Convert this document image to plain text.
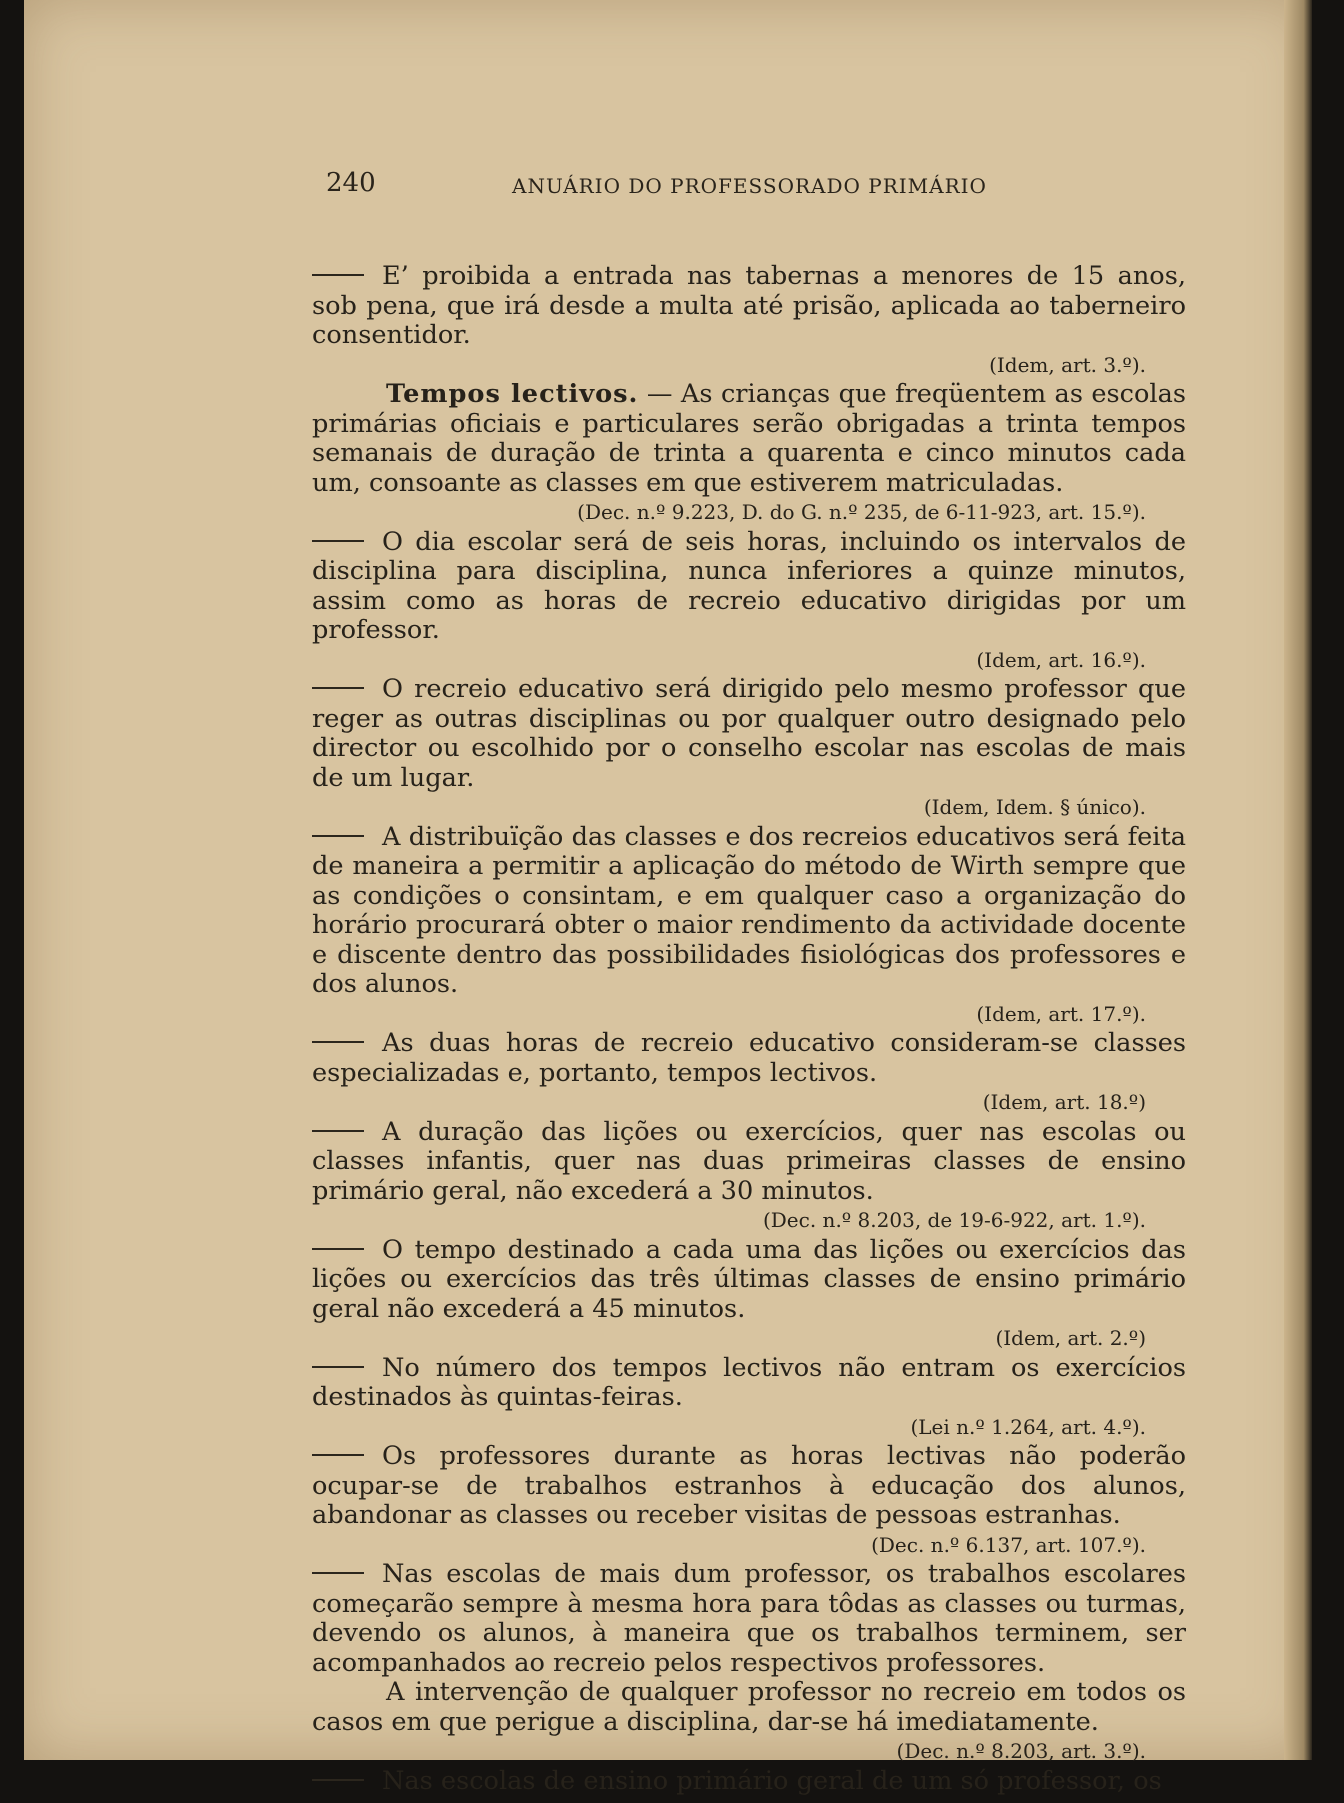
240	ANUÁRIO DO PROFESSORADO PRIMÁRIO

E’ proibida a entrada nas tabernas a menores de 15 anos, sob pena, que irá desde a multa até prisão, aplicada ao taberneiro consentidor.

(Idem, art. 3.º).

Tempos lectivos. — As crianças que freqüentem as escolas primárias oficiais e particulares serão obrigadas a trinta tempos semanais de duração de trinta a quarenta e cinco minutos cada um, consoante as classes em que estiverem matriculadas.

(Dec. n.º 9.223, D. do G. n.º 235, de 6-11-923, art. 15.º).

O dia escolar será de seis horas, incluindo os intervalos de disciplina para disciplina, nunca inferiores a quinze minutos, assim como as horas de recreio educativo dirigidas por um professor.

(Idem, art. 16.º).

O recreio educativo será dirigido pelo mesmo professor que reger as outras disciplinas ou por qualquer outro designado pelo director ou escolhido por o conselho escolar nas escolas de mais de um lugar.

(Idem, Idem. § único).

A distribuïção das classes e dos recreios educativos será feita de maneira a permitir a aplicação do método de Wirth sempre que as condições o consintam, e em qualquer caso a organização do horário procurará obter o maior rendimento da actividade docente e discente dentro das possibilidades fisiológicas dos professores e dos alunos.

(Idem, art. 17.º).

As duas horas de recreio educativo consideram-se classes especializadas e, portanto, tempos lectivos.

(Idem, art. 18.º)

A duração das lições ou exercícios, quer nas escolas ou classes infantis, quer nas duas primeiras classes de ensino primário geral, não excederá a 30 minutos.

(Dec. n.º 8.203, de 19-6-922, art. 1.º).

O tempo destinado a cada uma das lições ou exercícios das lições ou exercícios das três últimas classes de ensino primário geral não excederá a 45 minutos.

(Idem, art. 2.º)

No número dos tempos lectivos não entram os exercícios destinados às quintas-feiras.

(Lei n.º 1.264, art. 4.º).

Os professores durante as horas lectivas não poderão ocupar-se de trabalhos estranhos à educação dos alunos, abandonar as classes ou receber visitas de pessoas estranhas.

(Dec. n.º 6.137, art. 107.º).

Nas escolas de mais dum professor, os trabalhos escolares começarão sempre à mesma hora para tôdas as classes ou turmas, devendo os alunos, à maneira que os trabalhos terminem, ser acompanhados ao recreio pelos respectivos professores.

A intervenção de qualquer professor no recreio em todos os casos em que perigue a disciplina, dar-se há imediatamente.

(Dec. n.º 8.203, art. 3.º).

Nas escolas de ensino primário geral de um só professor, os
